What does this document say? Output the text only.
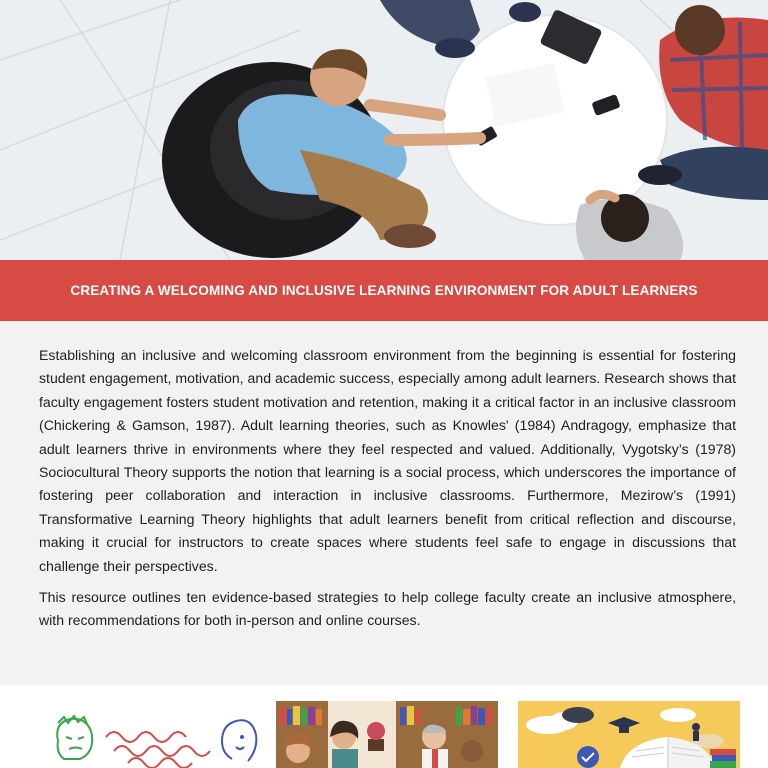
CREATING A WELCOMING AND INCLUSIVE LEARNING ENVIRONMENT FOR ADULT LEARNERS

Establishing an inclusive and welcoming classroom environment from the beginning is essential for fostering student engagement, motivation, and academic success, especially among adult learners. Research shows that faculty engagement fosters student motivation and retention, making it a critical factor in an inclusive classroom (Chickering & Gamson, 1987). Adult learning theories, such as Knowles' (1984) Andragogy, emphasize that adult learners thrive in environments where they feel respected and valued. Additionally, Vygotsky’s (1978) Sociocultural Theory supports the notion that learning is a social process, which underscores the importance of fostering peer collaboration and interaction in inclusive classrooms. Furthermore, Mezirow’s (1991) Transformative Learning Theory highlights that adult learners benefit from critical reflection and discourse, making it crucial for instructors to create spaces where students feel safe to engage in discussions that challenge their perspectives.

This resource outlines ten evidence-based strategies to help college faculty create an inclusive atmosphere, with recommendations for both in-person and online courses.
